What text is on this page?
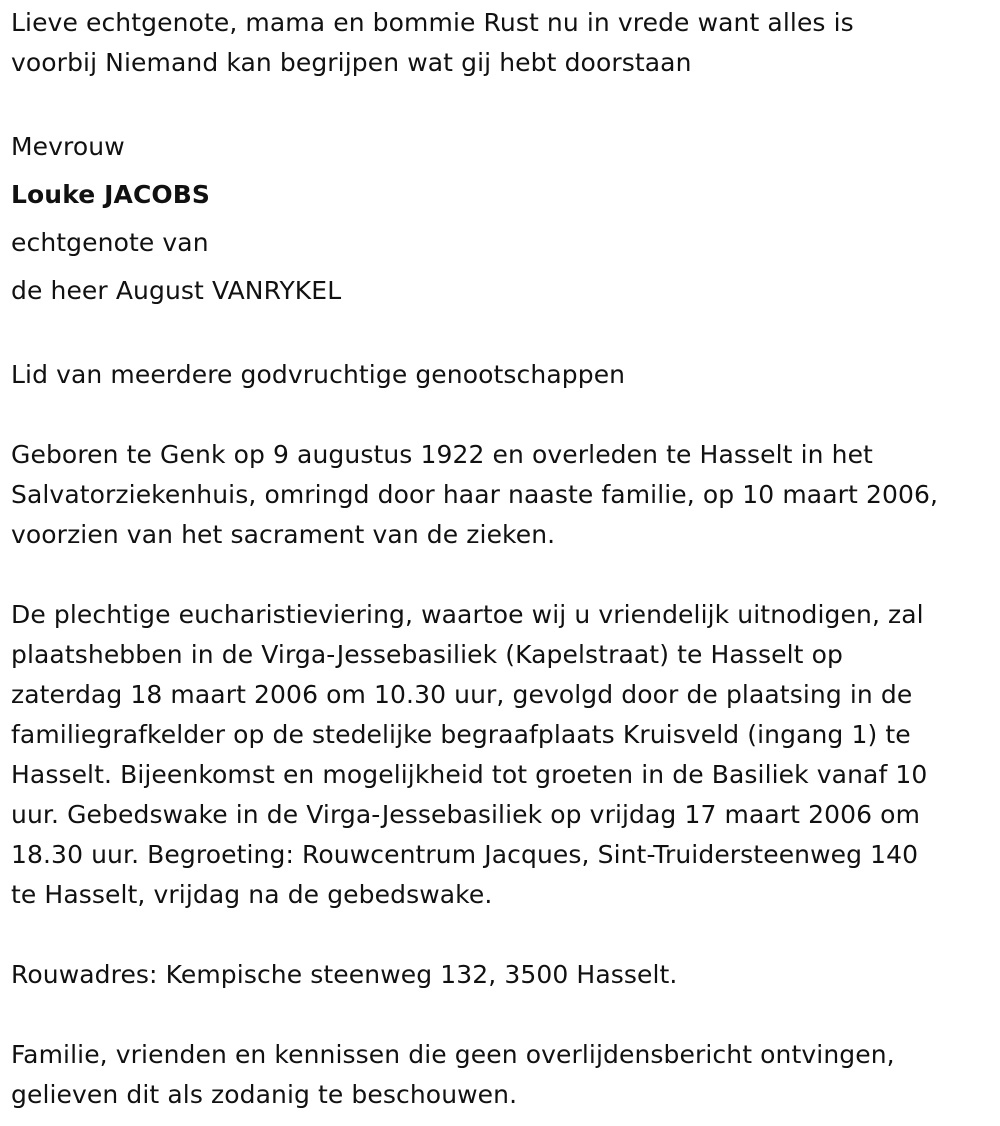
Lieve echtgenote, mama en bommie Rust nu in vrede want alles is
voorbij Niemand kan begrijpen wat gij hebt doorstaan
Mevrouw
Louke JACOBS
echtgenote van
de heer August VANRYKEL
Lid van meerdere godvruchtige genootschappen
Geboren te Genk op 9 augustus 1922 en overleden te Hasselt in het
Salvatorziekenhuis, omringd door haar naaste familie, op 10 maart 2006,
voorzien van het sacrament van de zieken.
De plechtige eucharistieviering, waartoe wij u vriendelijk uitnodigen, zal
plaatshebben in de Virga-Jessebasiliek (Kapelstraat) te Hasselt op
zaterdag 18 maart 2006 om 10.30 uur, gevolgd door de plaatsing in de
familiegrafkelder op de stedelijke begraafplaats Kruisveld (ingang 1) te
Hasselt. Bijeenkomst en mogelijkheid tot groeten in de Basiliek vanaf 10
uur. Gebedswake in de Virga-Jessebasiliek op vrijdag 17 maart 2006 om
18.30 uur. Begroeting: Rouwcentrum Jacques, Sint-Truidersteenweg 140
te Hasselt, vrijdag na de gebedswake.
Rouwadres: Kempische steenweg 132, 3500 Hasselt.
Familie, vrienden en kennissen die geen overlijdensbericht ontvingen,
gelieven dit als zodanig te beschouwen.
